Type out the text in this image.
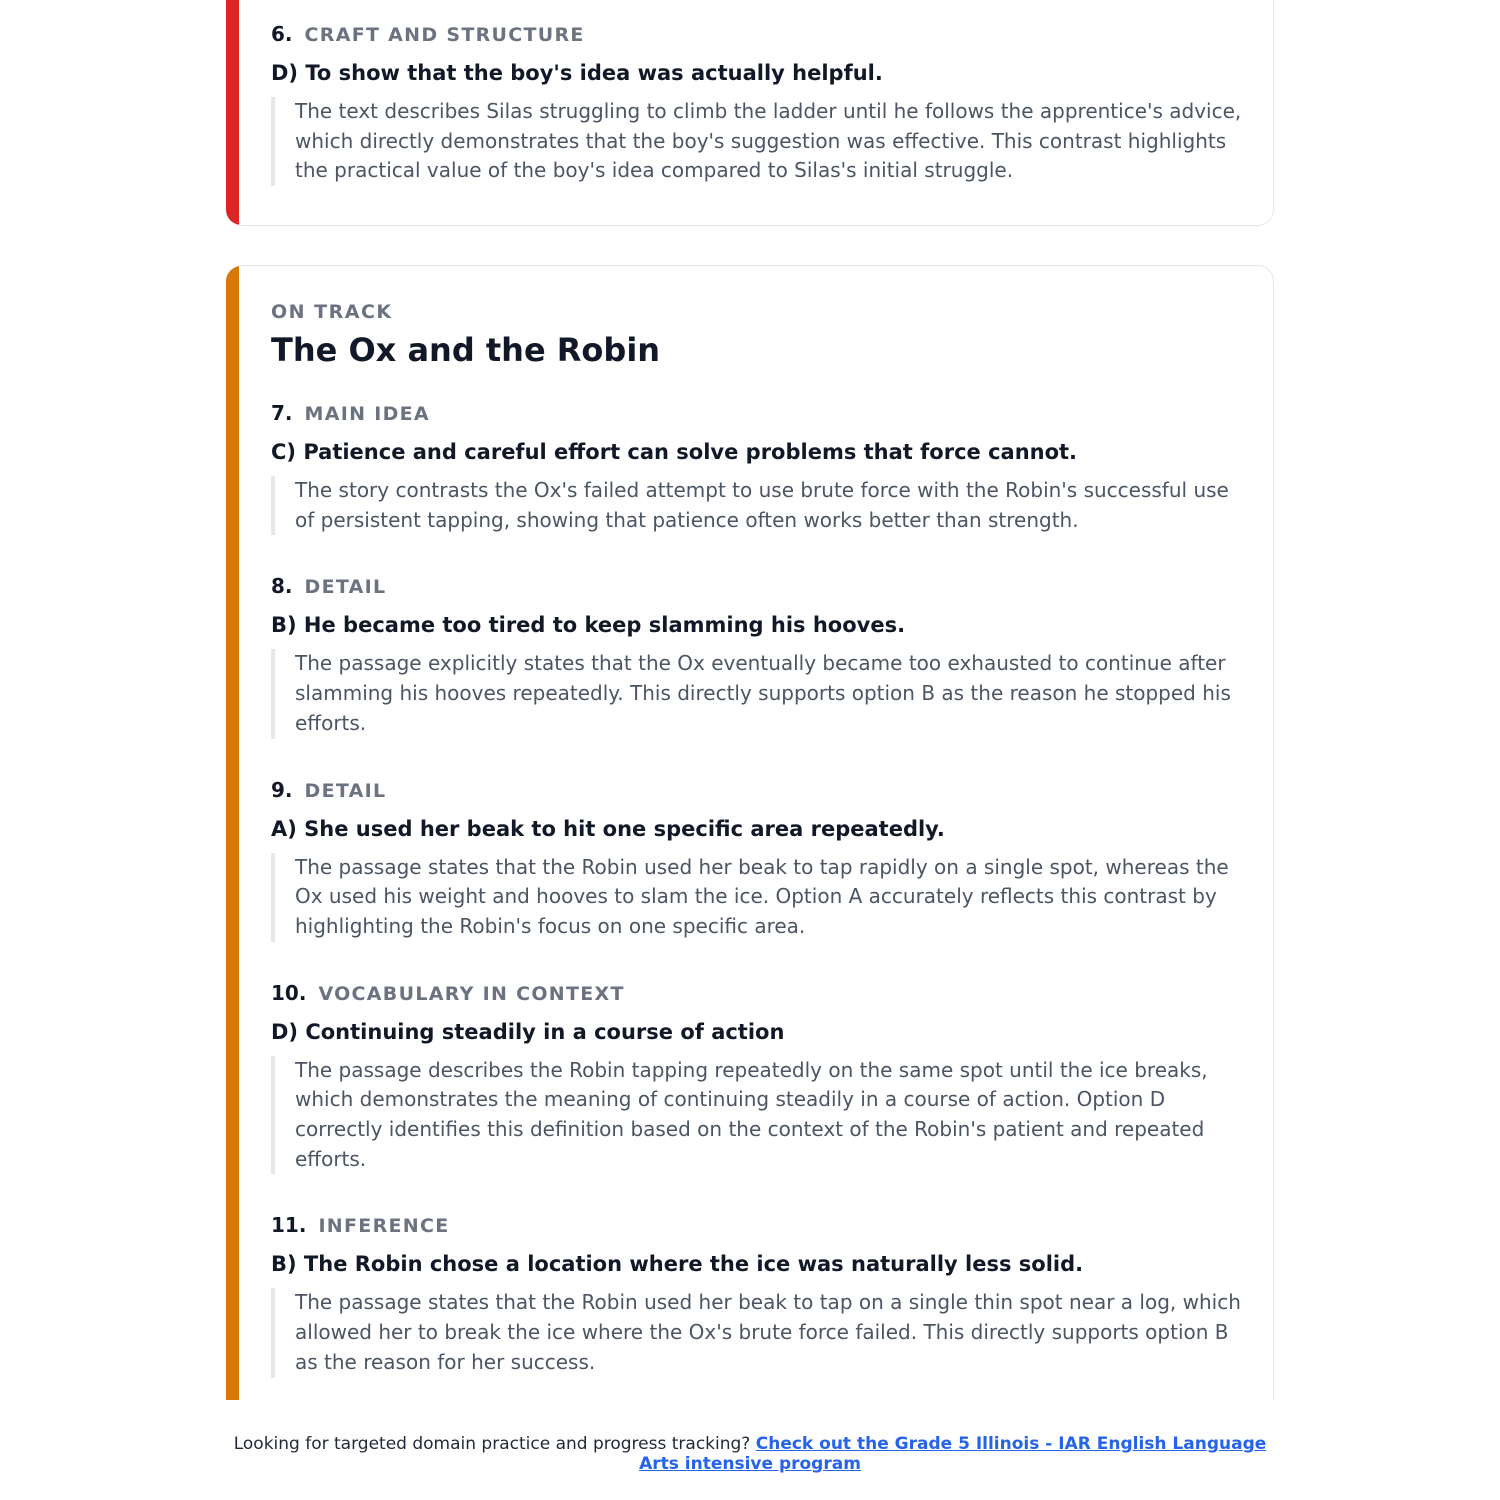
6. CRAFT AND STRUCTURE
D) To show that the boy's idea was actually helpful.
The text describes Silas struggling to climb the ladder until he follows the apprentice's advice, which directly demonstrates that the boy's suggestion was effective. This contrast highlights the practical value of the boy's idea compared to Silas's initial struggle.
ON TRACK
The Ox and the Robin
7. MAIN IDEA
C) Patience and careful effort can solve problems that force cannot.
The story contrasts the Ox's failed attempt to use brute force with the Robin's successful use of persistent tapping, showing that patience often works better than strength.
8. DETAIL
B) He became too tired to keep slamming his hooves.
The passage explicitly states that the Ox eventually became too exhausted to continue after slamming his hooves repeatedly. This directly supports option B as the reason he stopped his efforts.
9. DETAIL
A) She used her beak to hit one specific area repeatedly.
The passage states that the Robin used her beak to tap rapidly on a single spot, whereas the Ox used his weight and hooves to slam the ice. Option A accurately reflects this contrast by highlighting the Robin's focus on one specific area.
10. VOCABULARY IN CONTEXT
D) Continuing steadily in a course of action
The passage describes the Robin tapping repeatedly on the same spot until the ice breaks, which demonstrates the meaning of continuing steadily in a course of action. Option D correctly identifies this definition based on the context of the Robin's patient and repeated efforts.
11. INFERENCE
B) The Robin chose a location where the ice was naturally less solid.
The passage states that the Robin used her beak to tap on a single thin spot near a log, which allowed her to break the ice where the Ox's brute force failed. This directly supports option B as the reason for her success.
Looking for targeted domain practice and progress tracking? Check out the Grade 5 Illinois - IAR English Language Arts intensive program
